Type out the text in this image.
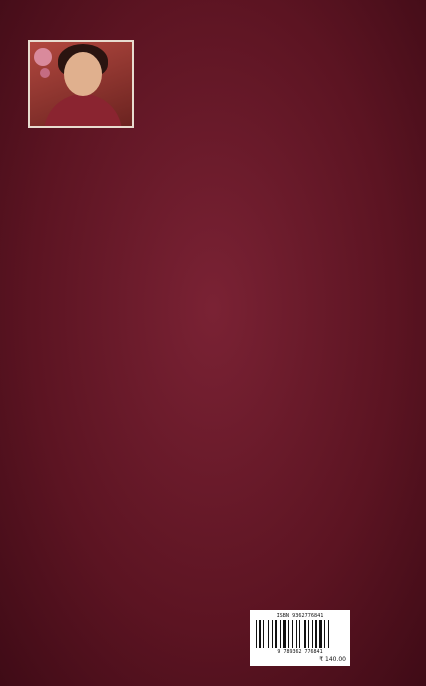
ISBN 9362776841
9 789362 776841
₹ 140.00
